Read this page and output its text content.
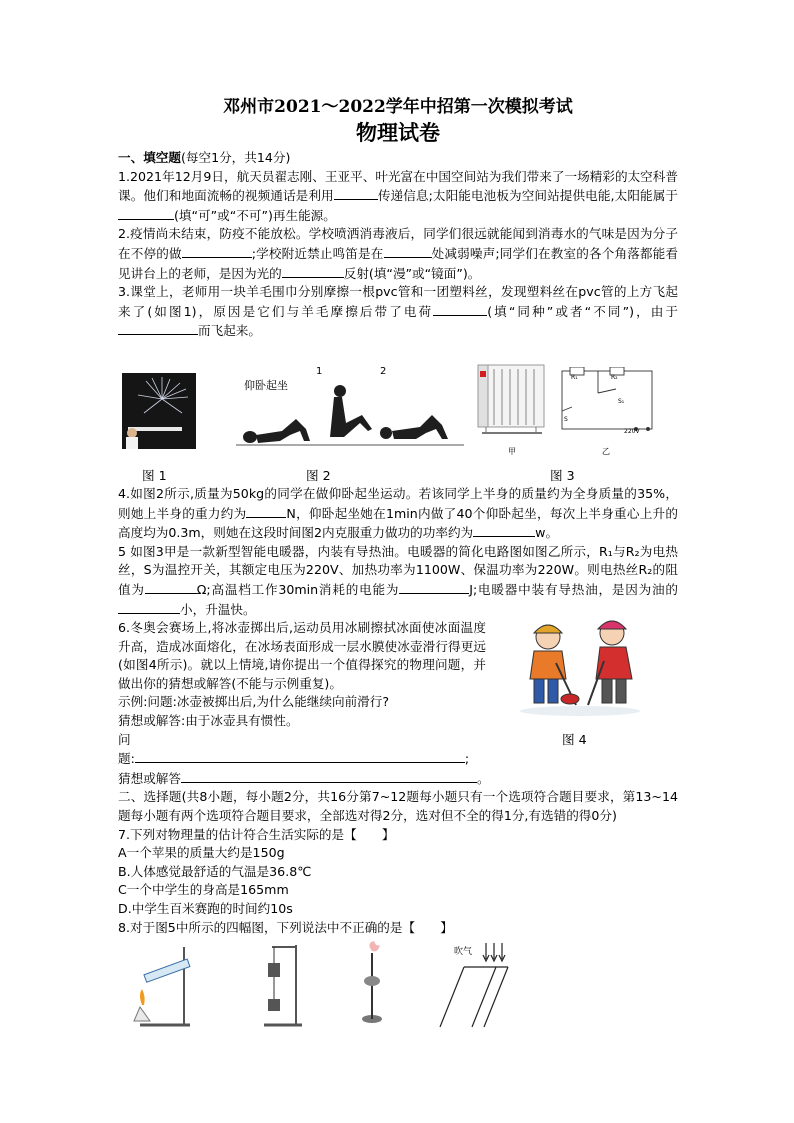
邓州市2021～2022学年中招第一次模拟考试
物理试卷

一、填空题(每空1分，共14分)

1.2021年12月9日，航天员翟志刚、王亚平、叶光富在中国空间站为我们带来了一场精彩的太空科普课。他们和地面流畅的视频通话是利用	传递信息;太阳能电池板为空间站提供电能,太阳能属于(填“可”或“不可”)再生能源。

2.疫情尚未结束，防疫不能放松。学校喷洒消毒液后，同学们很远就能闻到消毒水的气味是因为分子在不停的做	;学校附近禁止鸣笛是在	处减弱噪声;同学们在教室的各个角落都能看见讲台上的老师，是因为光的	反射(填“漫”或“镜面”)。

3.课堂上，老师用一块羊毛围巾分别摩擦一根pvc管和一团塑料丝，发现塑料丝在pvc管的上方飞起来了(如图1)，原因是它们与羊毛摩擦后带了电荷	(填“同种”或者“不同”)，由于而飞起来。

仰卧起坐
1	2
甲
R₁	R₂
S₁
S
220V
乙
图 1	图 2	图 3

4.如图2所示,质量为50kg的同学在做仰卧起坐运动。若该同学上半身的质量约为全身质量的35%，则她上半身的重力约为	N，仰卧起坐她在1min内做了40个仰卧起坐，每次上半身重心上升的高度均为0.3m，则她在这段时间图2内克服重力做功的功率约为	w。

5 如图3甲是一款新型智能电暖器，内装有导热油。电暖器的简化电路图如图乙所示，R₁与R₂为电热丝，S为温控开关，其额定电压为220V、加热功率为1100W、保温功率为220W。则电热丝R₂的阻值为	Ω;高温档工作30min消耗的电能为	J;电暖器中装有导热油，是因为油的小，升温快。

6.冬奥会赛场上,将冰壶掷出后,运动员用冰刷擦拭冰面使冰面温度升高，造成冰面熔化，在冰场表面形成一层水膜使冰壶滑行得更远(如图4所示)。就以上情境,请你提出一个值得探究的物理问题，并做出你的猜想或解答(不能与示例重复)。

示例:问题:冰壶被掷出后,为什么能继续向前滑行?

猜想或解答:由于冰壶具有惯性。

问

题:	;

猜想或解答	。

图 4

二、选择题(共8小题，每小题2分，共16分第7~12题每小题只有一个选项符合题目要求，第13~14题每小题有两个选项符合题目要求，全部选对得2分，选对但不全的得1分,有选错的得0分)

7.下列对物理量的估计符合生活实际的是【　　】

A一个苹果的质量大约是150g

B.人体感觉最舒适的气温是36.8℃

C一个中学生的身高是165mm

D.中学生百米赛跑的时间约10s

8.对于图5中所示的四幅图，下列说法中不正确的是【　　】

吹气
